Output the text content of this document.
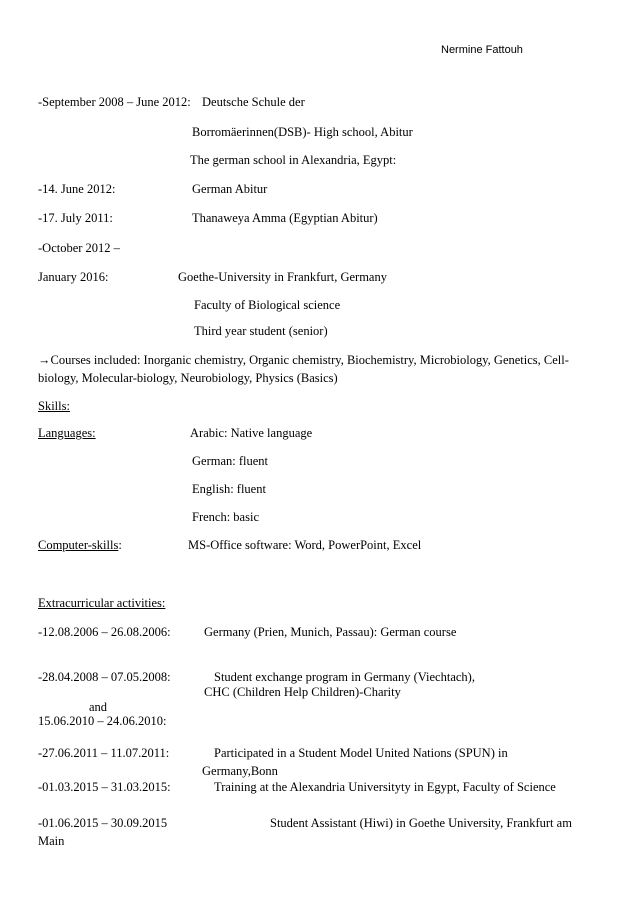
Nermine Fattouh
-September 2008 – June 2012: Deutsche Schule der
Borromäerinnen(DSB)- High school, Abitur
The german school in Alexandria, Egypt:
-14. June 2012:	German Abitur
-17. July 2011:	Thanaweya Amma (Egyptian Abitur)
-October 2012 –
January 2016:	Goethe-University in Frankfurt, Germany
Faculty of Biological science
Third year student (senior)
→Courses included: Inorganic chemistry, Organic chemistry, Biochemistry, Microbiology, Genetics, Cell-biology, Molecular-biology, Neurobiology, Physics (Basics)
Skills:
Languages:	Arabic: Native language
German: fluent
English: fluent
French: basic
Computer-skills:	MS-Office software: Word, PowerPoint, Excel
Extracurricular activities:
-12.08.2006 – 26.08.2006:	Germany (Prien, Munich, Passau): German course
-28.04.2008 – 07.05.2008:	Student exchange program in Germany (Viechtach),
CHC (Children Help Children)-Charity
and
15.06.2010 – 24.06.2010:
-27.06.2011 – 11.07.2011:	Participated in a Student Model United Nations (SPUN) in
Germany,Bonn
-01.03.2015 – 31.03.2015:	Training at the Alexandria Universityty in Egypt, Faculty of Science
-01.06.2015 – 30.09.2015	Student Assistant (Hiwi) in Goethe University, Frankfurt am
Main
